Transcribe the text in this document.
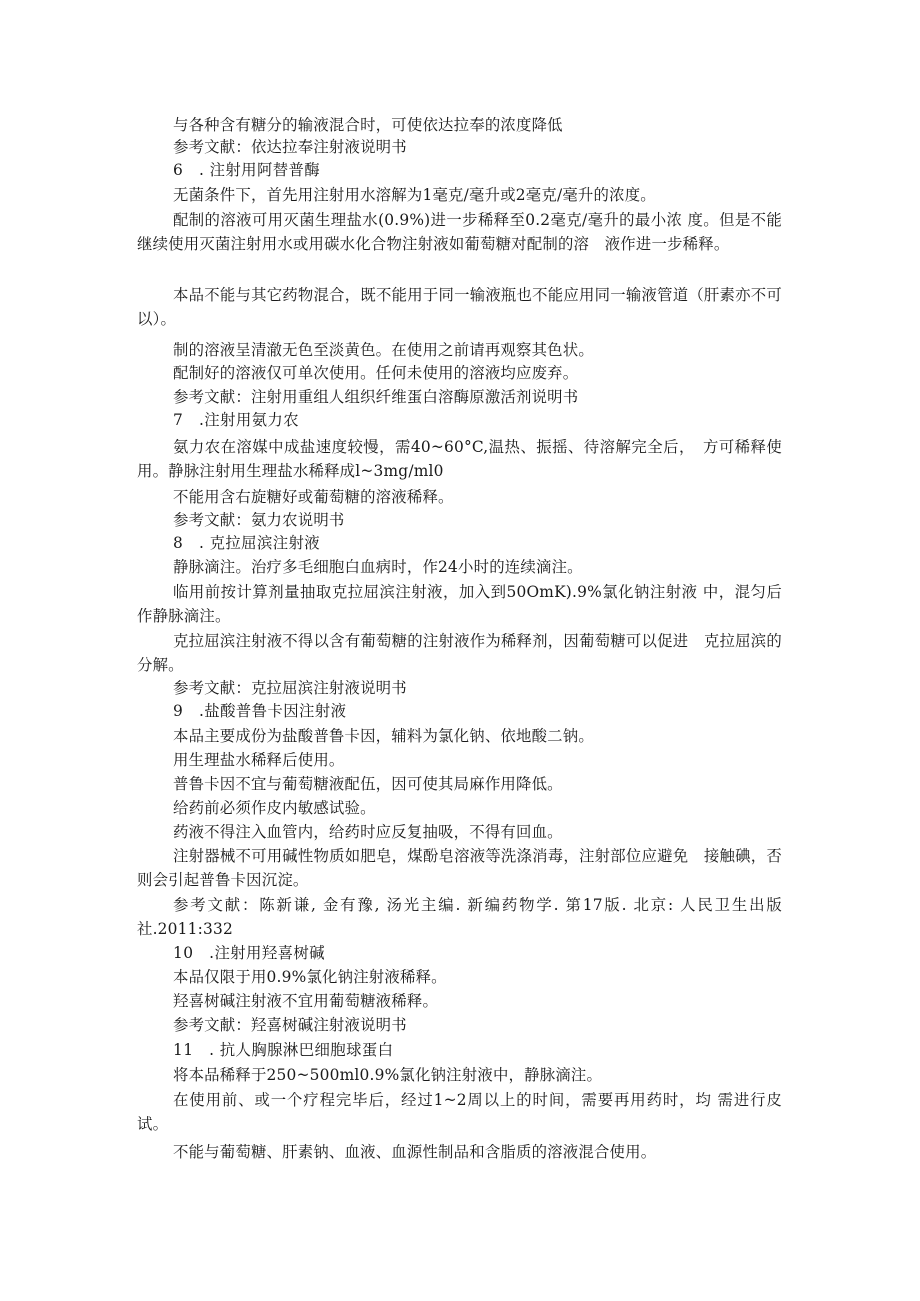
与各种含有糖分的输液混合时，可使依达拉奉的浓度降低
参考文献：依达拉奉注射液说明书
6　. 注射用阿替普酶
无菌条件下，首先用注射用水溶解为1毫克/毫升或2毫克/毫升的浓度。
配制的溶液可用灭菌生理盐水(0.9%)进一步稀释至0.2毫克/毫升的最小浓 度。但是不能继续使用灭菌注射用水或用碳水化合物注射液如葡萄糖对配制的溶　液作进一步稀释。
本品不能与其它药物混合，既不能用于同一输液瓶也不能应用同一输液管道（肝素亦不可以）。
制的溶液呈清澈无色至淡黄色。在使用之前请再观察其色状。
配制好的溶液仅可单次使用。任何未使用的溶液均应废弃。
参考文献：注射用重组人组织纤维蛋白溶酶原激活剂说明书
7　.注射用氨力农
氨力农在溶媒中成盐速度较慢，需40~60°C,温热、振摇、待溶解完全后，　方可稀释使用。静脉注射用生理盐水稀释成l~3mg/ml0
不能用含右旋糖好或葡萄糖的溶液稀释。
参考文献：氨力农说明书
8　. 克拉屈滨注射液
静脉滴注。治疗多毛细胞白血病时，作24小时的连续滴注。
临用前按计算剂量抽取克拉屈滨注射液，加入到50OmK).9%氯化钠注射液 中，混匀后作静脉滴注。
克拉屈滨注射液不得以含有葡萄糖的注射液作为稀释剂，因葡萄糖可以促进　克拉屈滨的分解。
参考文献：克拉屈滨注射液说明书
9　.盐酸普鲁卡因注射液
本品主要成份为盐酸普鲁卡因，辅料为氯化钠、依地酸二钠。
用生理盐水稀释后使用。
普鲁卡因不宜与葡萄糖液配伍，因可使其局麻作用降低。
给药前必须作皮内敏感试验。
药液不得注入血管内，给药时应反复抽吸，不得有回血。
注射器械不可用碱性物质如肥皂，煤酚皂溶液等洗涤消毒，注射部位应避免　接触碘，否则会引起普鲁卡因沉淀。
参考文献：陈新谦, 金有豫, 汤光主编. 新编药物学. 第17版. 北京: 人民卫生出版　社.2011:332
10　.注射用羟喜树碱
本品仅限于用0.9%氯化钠注射液稀释。
羟喜树碱注射液不宜用葡萄糖液稀释。
参考文献：羟喜树碱注射液说明书
11　. 抗人胸腺淋巴细胞球蛋白
将本品稀释于250~500ml0.9%氯化钠注射液中，静脉滴注。
在使用前、或一个疗程完毕后，经过1~2周以上的时间，需要再用药时，均 需进行皮试。
不能与葡萄糖、肝素钠、血液、血源性制品和含脂质的溶液混合使用。
